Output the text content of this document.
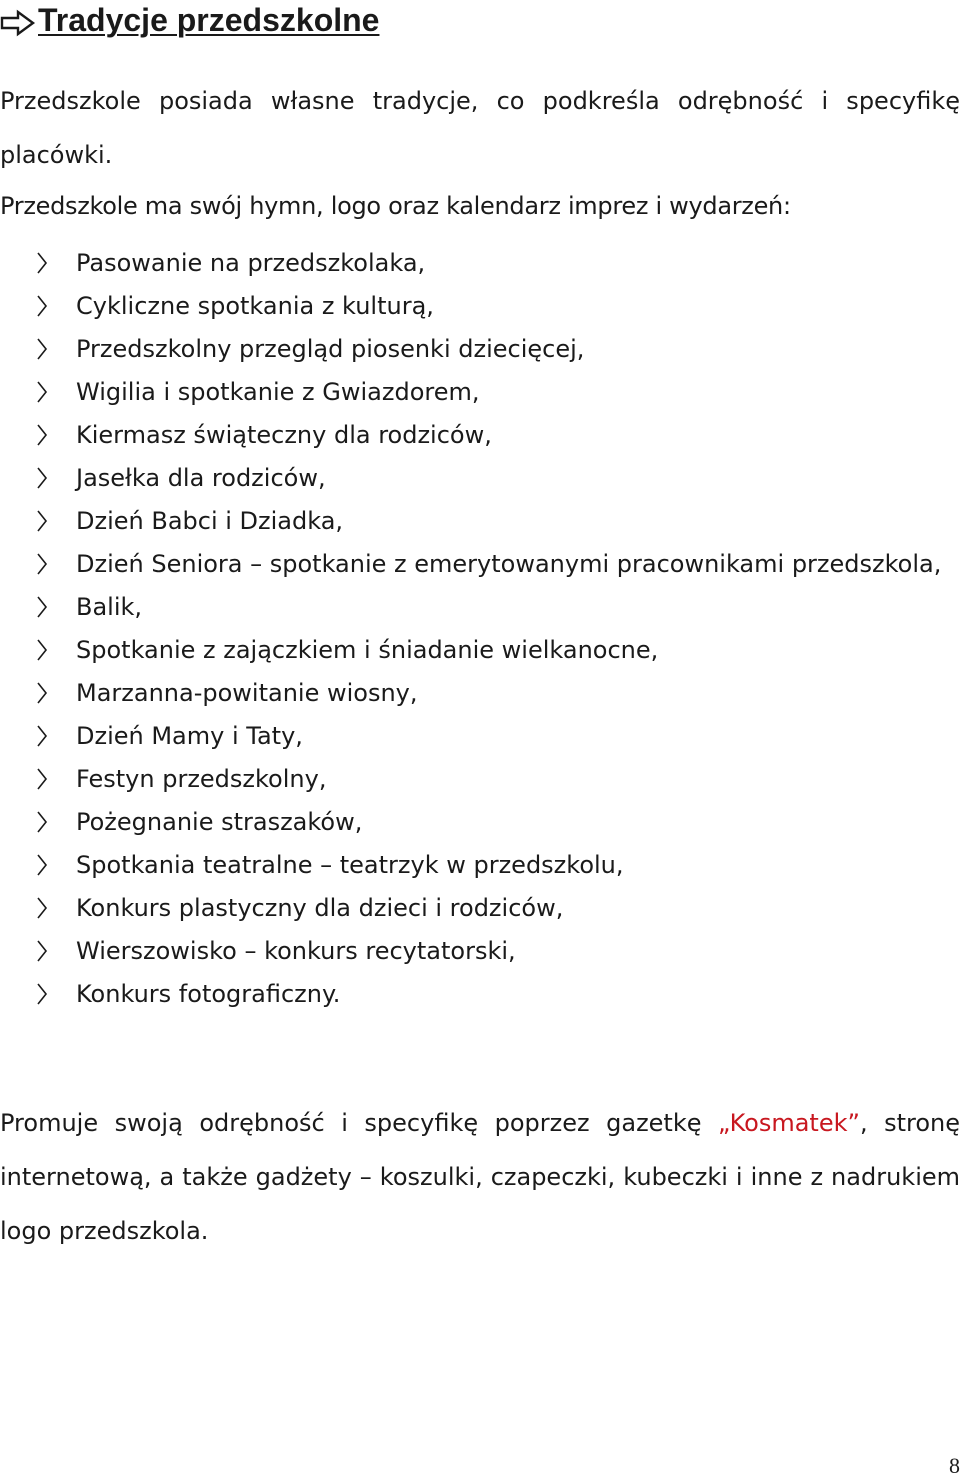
Tradycje przedszkolne

Przedszkole posiada własne tradycje, co podkreśla odrębność i specyfikę placówki.

Przedszkole ma swój hymn, logo oraz kalendarz imprez i wydarzeń:

Pasowanie na przedszkolaka,
Cykliczne spotkania z kulturą,
Przedszkolny przegląd piosenki dziecięcej,
Wigilia i spotkanie z Gwiazdorem,
Kiermasz świąteczny dla rodziców,
Jasełka dla rodziców,
Dzień Babci i Dziadka,
Dzień Seniora – spotkanie z emerytowanymi pracownikami przedszkola,
Balik,
Spotkanie z zajączkiem i śniadanie wielkanocne,
Marzanna-powitanie wiosny,
Dzień Mamy i Taty,
Festyn przedszkolny,
Pożegnanie straszaków,
Spotkania teatralne – teatrzyk w przedszkolu,
Konkurs plastyczny dla dzieci i rodziców,
Wierszowisko – konkurs recytatorski,
Konkurs fotograficzny.

Promuje swoją odrębność i specyfikę poprzez gazetkę „Kosmatek”, stronę internetową, a także gadżety – koszulki, czapeczki, kubeczki i inne z nadrukiem logo przedszkola.

8
